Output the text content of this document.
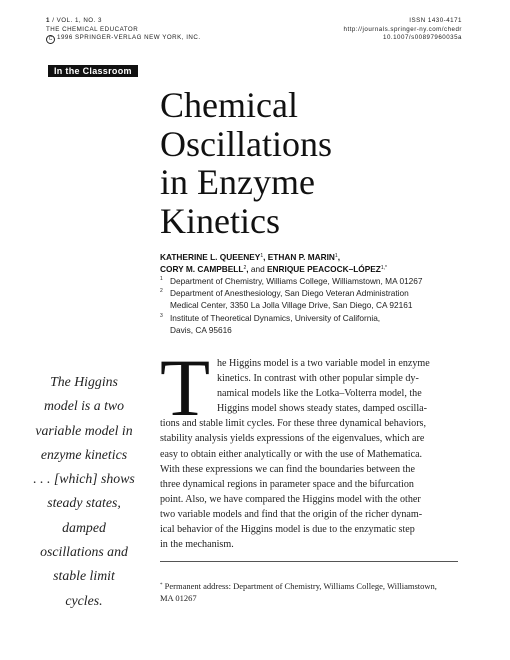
1 / VOL. 1, NO. 3
THE CHEMICAL EDUCATOR
C 1996 SPRINGER-VERLAG NEW YORK, INC.
ISSN 1430-4171
http://journals.springer-ny.com/chedr
10.1007/s00897960035a
In the Classroom
Chemical
Oscillations
in Enzyme
Kinetics
KATHERINE L. QUEENEY$^1$, ETHAN P. MARIN$^1$,
CORY M. CAMPBELL$^2$, and ENRIQUE PEACOCK–$LÓPEZ^{1,*}$
1 Department of Chemistry, Williams College, Williamstown, MA 01267
2 Department of Anesthesiology, San Diego Veteran Administration
Medical Center, 3350 La Jolla Village Drive, San Diego, CA 92161
3 Institute of Theoretical Dynamics, University of California,
Davis, CA 95616
The Higgins
model is a two
variable model in
enzyme kinetics
. . . [which] shows
steady states,
damped
oscillations and
stable limit
cycles.
T he Higgins model is a two variable model in enzyme
kinetics. In contrast with other popular simple dy-
namical models like the Lotka–Volterra model, the
Higgins model shows steady states, damped oscilla-
tions and stable limit cycles. For these three dynamical behaviors,
stability analysis yields expressions of the eigenvalues, which are
easy to obtain either analytically or with the use of Mathematica.
With these expressions we can find the boundaries between the
three dynamical regions in parameter space and the bifurcation
point. Also, we have compared the Higgins model with the other
two variable models and find that the origin of the richer dynam-
ical behavior of the Higgins model is due to the enzymatic step
in the mechanism.
* Permanent address: Department of Chemistry, Williams College, Williamstown,
MA 01267
